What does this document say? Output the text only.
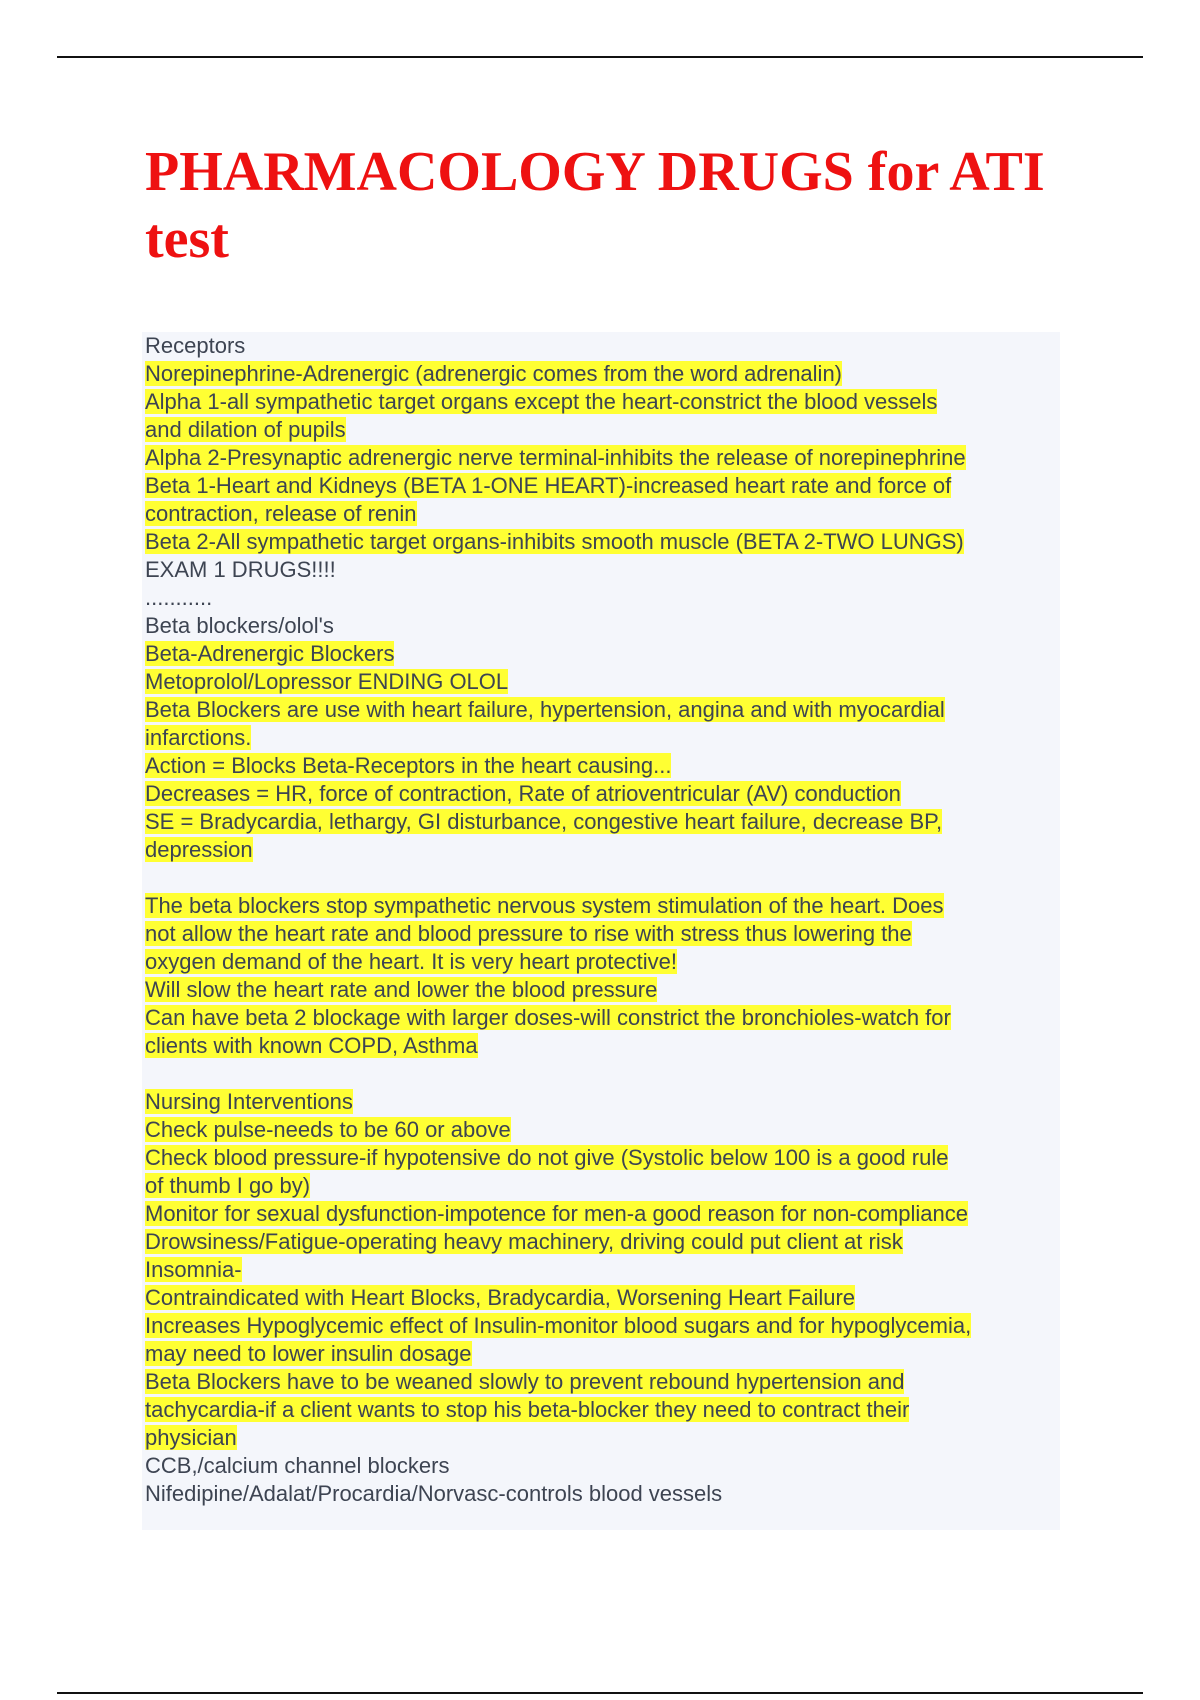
PHARMACOLOGY DRUGS for ATI test
Receptors
Norepinephrine-Adrenergic (adrenergic comes from the word adrenalin)
Alpha 1-all sympathetic target organs except the heart-constrict the blood vessels
and dilation of pupils
Alpha 2-Presynaptic adrenergic nerve terminal-inhibits the release of norepinephrine
Beta 1-Heart and Kidneys (BETA 1-ONE HEART)-increased heart rate and force of
contraction, release of renin
Beta 2-All sympathetic target organs-inhibits smooth muscle (BETA 2-TWO LUNGS)
EXAM 1 DRUGS!!!!
...........
Beta blockers/olol's
Beta-Adrenergic Blockers
Metoprolol/Lopressor ENDING OLOL
Beta Blockers are use with heart failure, hypertension, angina and with myocardial
infarctions.
Action = Blocks Beta-Receptors in the heart causing...
Decreases = HR, force of contraction, Rate of atrioventricular (AV) conduction
SE = Bradycardia, lethargy, GI disturbance, congestive heart failure, decrease BP,
depression
The beta blockers stop sympathetic nervous system stimulation of the heart. Does
not allow the heart rate and blood pressure to rise with stress thus lowering the
oxygen demand of the heart. It is very heart protective!
Will slow the heart rate and lower the blood pressure
Can have beta 2 blockage with larger doses-will constrict the bronchioles-watch for
clients with known COPD, Asthma
Nursing Interventions
Check pulse-needs to be 60 or above
Check blood pressure-if hypotensive do not give (Systolic below 100 is a good rule
of thumb I go by)
Monitor for sexual dysfunction-impotence for men-a good reason for non-compliance
Drowsiness/Fatigue-operating heavy machinery, driving could put client at risk
Insomnia-
Contraindicated with Heart Blocks, Bradycardia, Worsening Heart Failure
Increases Hypoglycemic effect of Insulin-monitor blood sugars and for hypoglycemia,
may need to lower insulin dosage
Beta Blockers have to be weaned slowly to prevent rebound hypertension and
tachycardia-if a client wants to stop his beta-blocker they need to contract their
physician
CCB,/calcium channel blockers
Nifedipine/Adalat/Procardia/Norvasc-controls blood vessels
